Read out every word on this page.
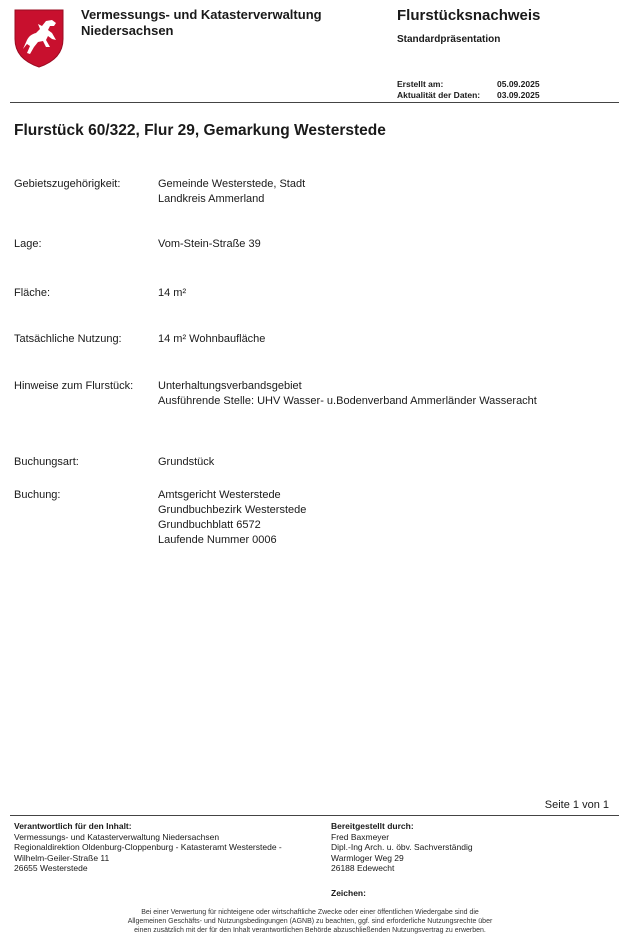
Vermessungs- und Katasterverwaltung
Niedersachsen
Flurstücksnachweis
Standardpräsentation
Erstellt am:	05.09.2025
Aktualität der Daten:	03.09.2025
Flurstück 60/322, Flur 29, Gemarkung Westerstede
Gebietszugehörigkeit:	Gemeinde Westerstede, Stadt
Landkreis Ammerland
Lage:	Vom-Stein-Straße 39
Fläche:	14 m²
Tatsächliche Nutzung:	14 m² Wohnbaufläche
Hinweise zum Flurstück:	Unterhaltungsverbandsgebiet
Ausführende Stelle: UHV Wasser- u.Bodenverband Ammerländer Wasseracht
Buchungsart:	Grundstück
Buchung:	Amtsgericht Westerstede
Grundbuchbezirk Westerstede
Grundbuchblatt 6572
Laufende Nummer 0006
Seite 1 von 1
Verantwortlich für den Inhalt:
Vermessungs- und Katasterverwaltung Niedersachsen
Regionaldirektion Oldenburg-Cloppenburg - Katasteramt Westerstede -
Wilhelm-Geiler-Straße 11
26655 Westerstede
Bereitgestellt durch:
Fred Baxmeyer
Dipl.-Ing Arch. u. öbv. Sachverständig
Warmloger Weg 29
26188 Edewecht
Zeichen:
Bei einer Verwertung für nichteigene oder wirtschaftliche Zwecke oder einer öffentlichen Wiedergabe sind die
Allgemeinen Geschäfts- und Nutzungsbedingungen (AGNB) zu beachten, ggf. sind erforderliche Nutzungsrechte über
einen zusätzlich mit der für den Inhalt verantwortlichen Behörde abzuschließenden Nutzungsvertrag zu erwerben.
